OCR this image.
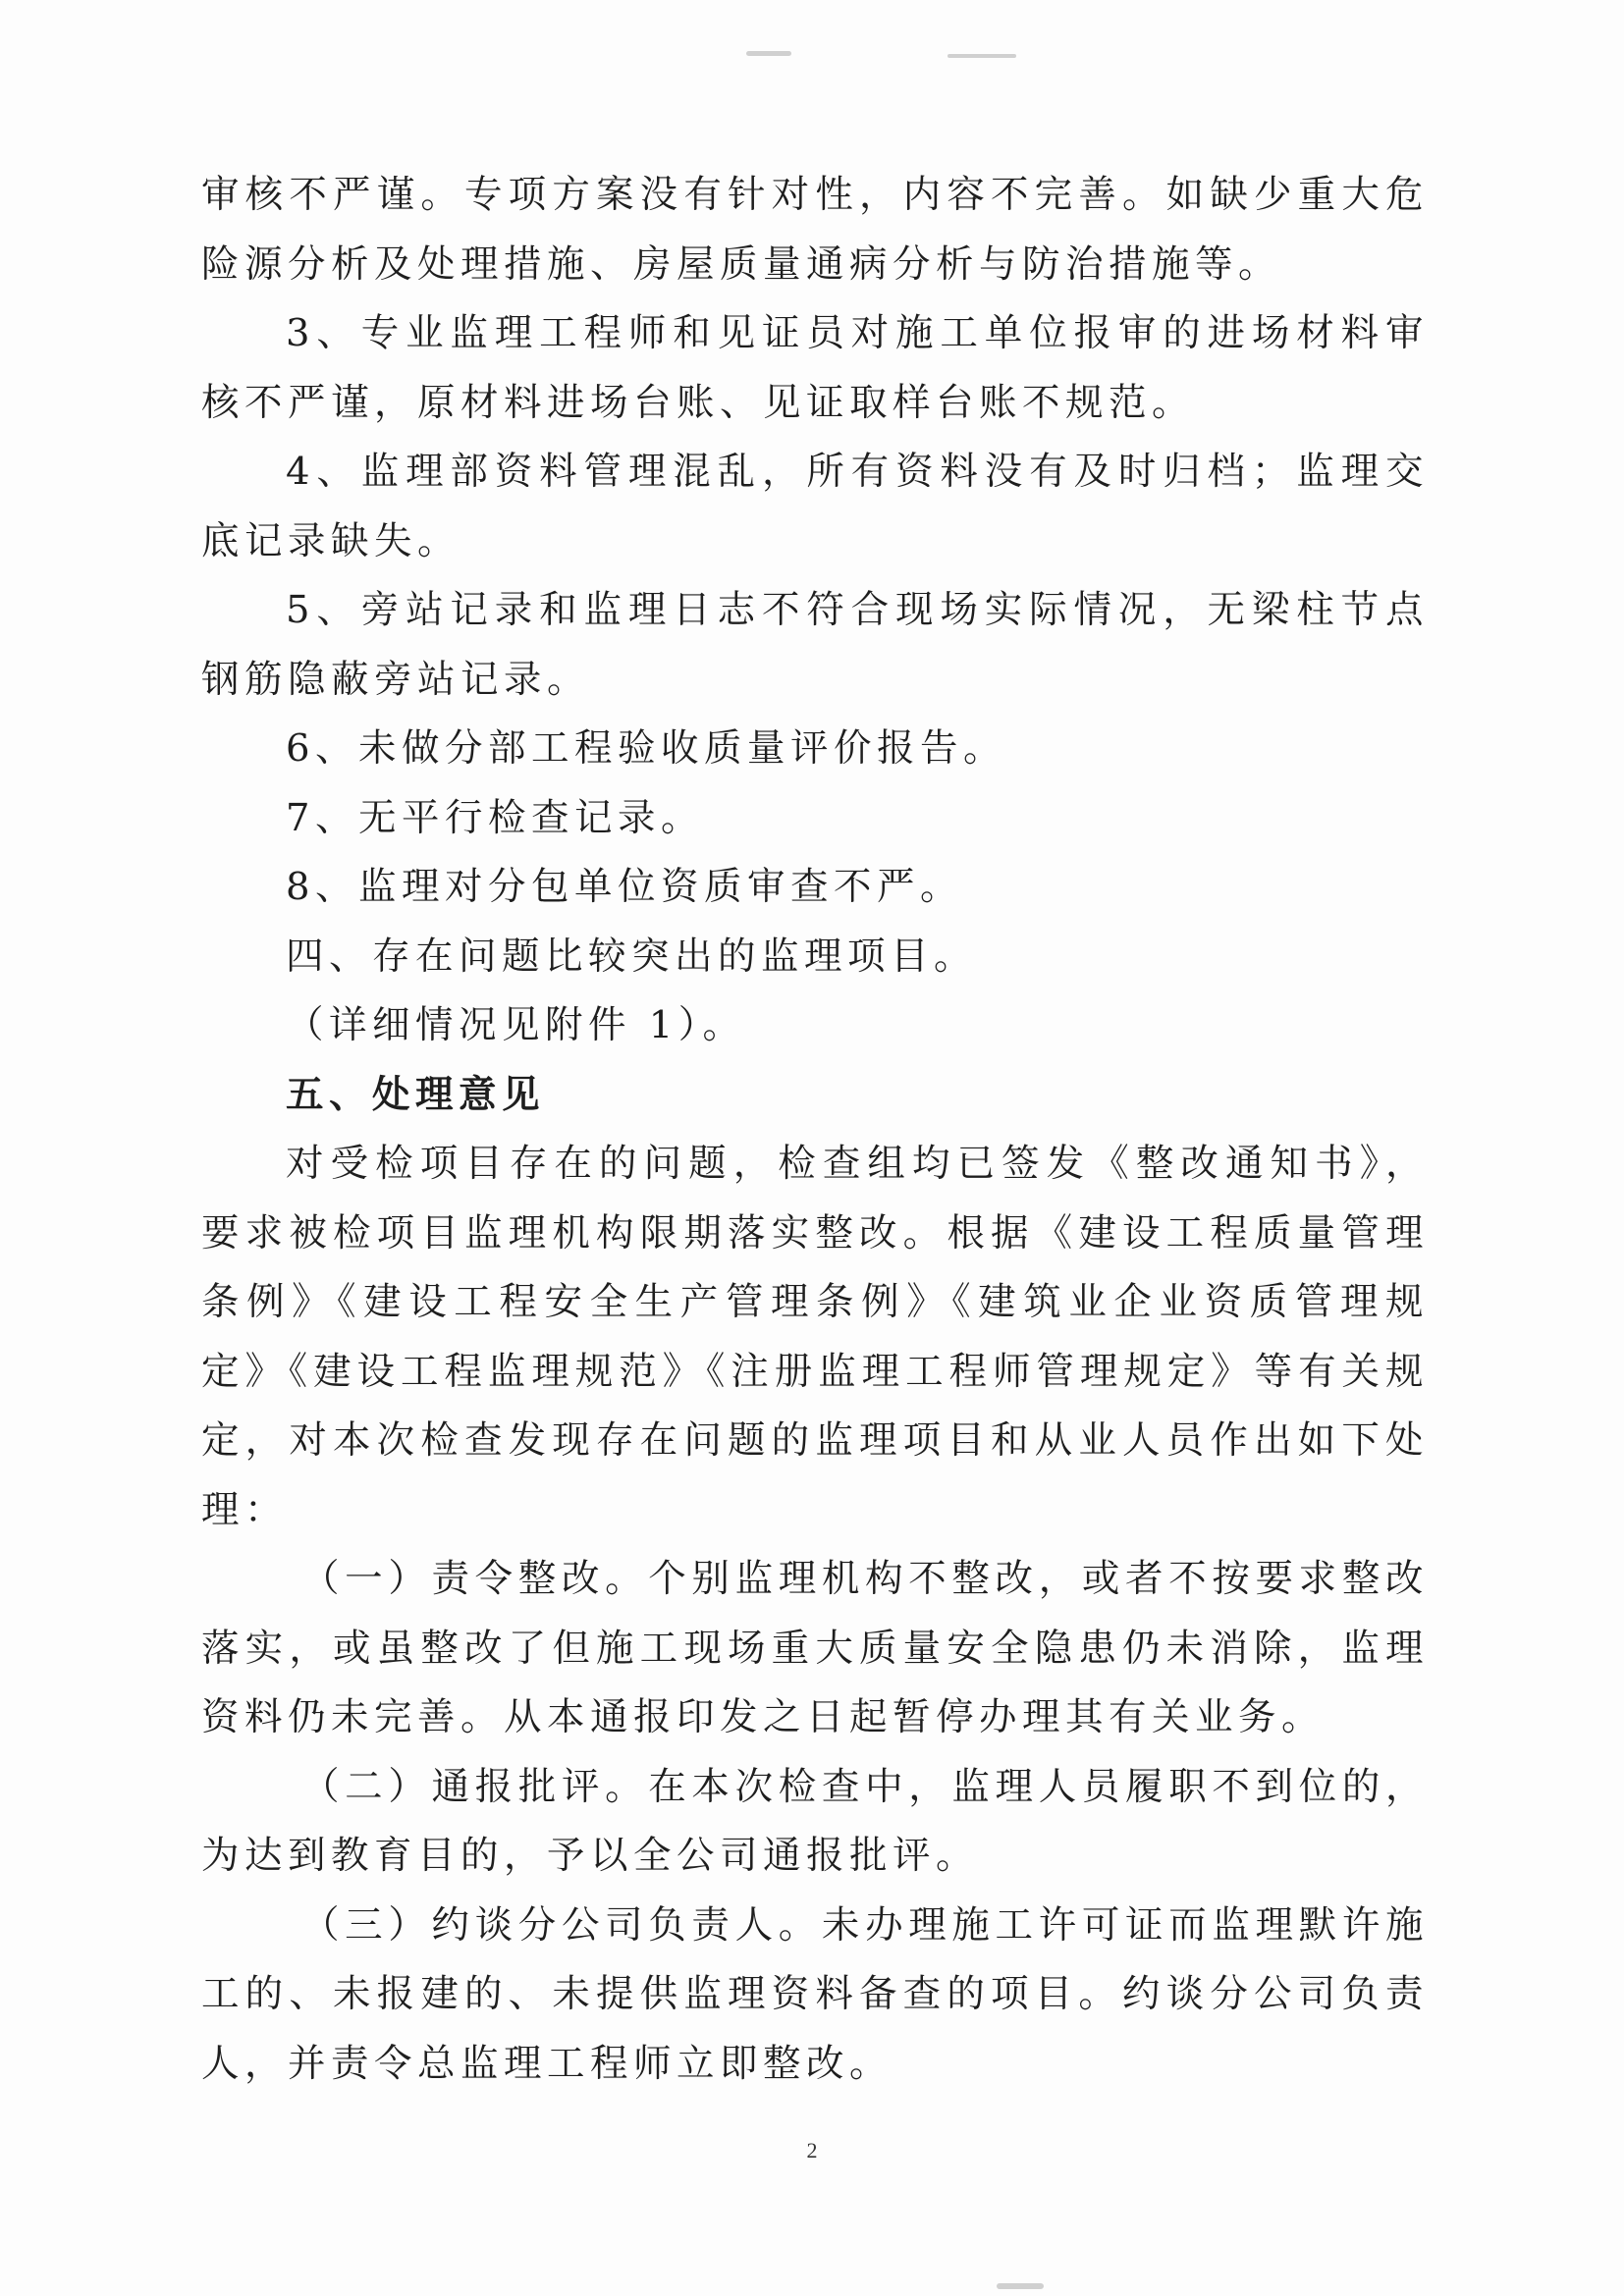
审核不严谨。专项方案没有针对性，内容不完善。如缺少重大危险源分析及处理措施、房屋质量通病分析与防治措施等。

3、专业监理工程师和见证员对施工单位报审的进场材料审核不严谨，原材料进场台账、见证取样台账不规范。

4、监理部资料管理混乱，所有资料没有及时归档；监理交底记录缺失。

5、旁站记录和监理日志不符合现场实际情况，无梁柱节点钢筋隐蔽旁站记录。

6、未做分部工程验收质量评价报告。

7、无平行检查记录。

8、监理对分包单位资质审查不严。

四、存在问题比较突出的监理项目。

（详细情况见附件 1）。

五、处理意见

对受检项目存在的问题，检查组均已签发《整改通知书》，要求被检项目监理机构限期落实整改。根据《建设工程质量管理条例》《建设工程安全生产管理条例》《建筑业企业资质管理规定》《建设工程监理规范》《注册监理工程师管理规定》等有关规定，对本次检查发现存在问题的监理项目和从业人员作出如下处理：

（一）责令整改。个别监理机构不整改，或者不按要求整改落实，或虽整改了但施工现场重大质量安全隐患仍未消除，监理资料仍未完善。从本通报印发之日起暂停办理其有关业务。

（二）通报批评。在本次检查中，监理人员履职不到位的，为达到教育目的，予以全公司通报批评。

（三）约谈分公司负责人。未办理施工许可证而监理默许施工的、未报建的、未提供监理资料备查的项目。约谈分公司负责人，并责令总监理工程师立即整改。

2
